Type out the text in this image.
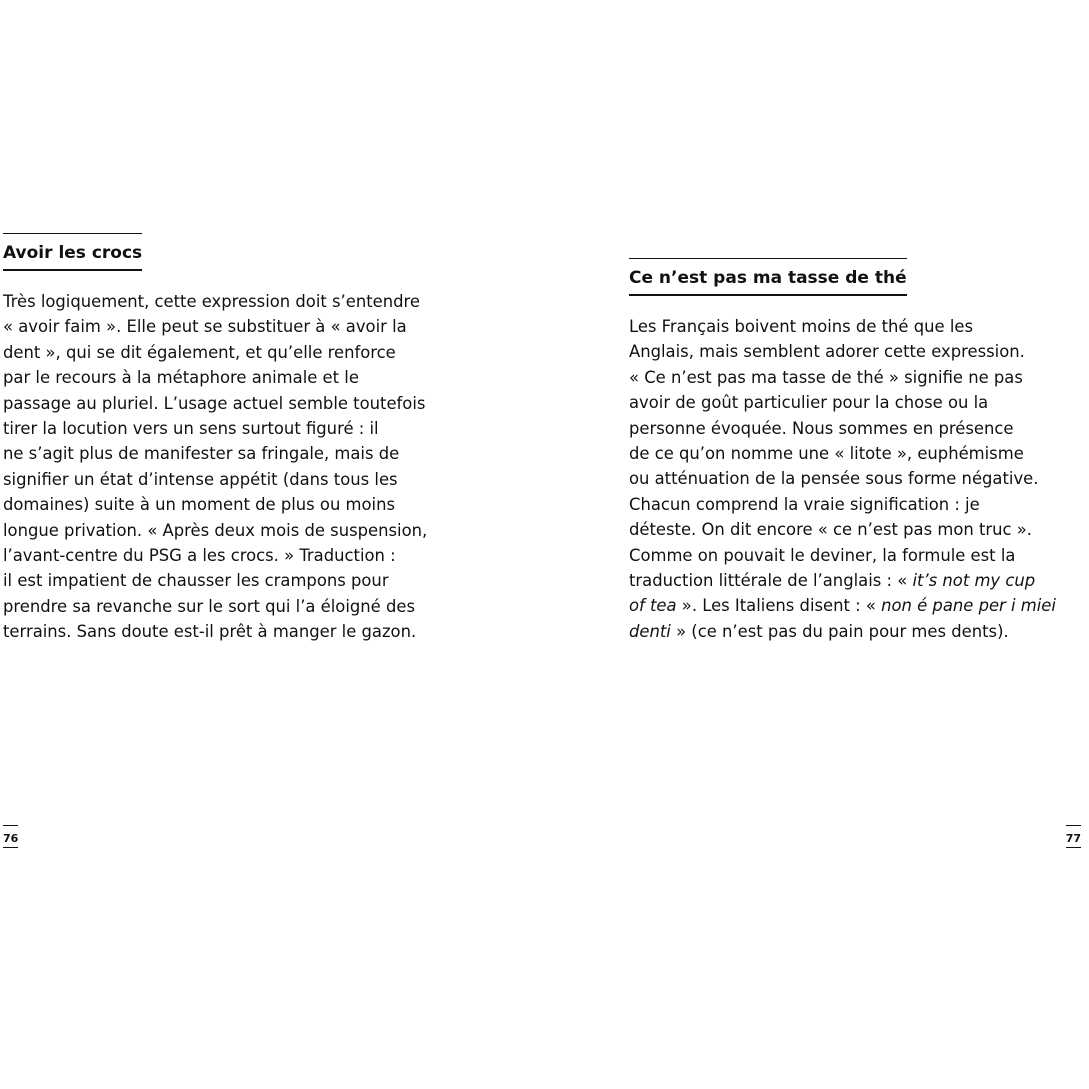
Avoir les crocs
Très logiquement, cette expression doit s’entendre
« avoir faim ». Elle peut se substituer à « avoir la
dent », qui se dit également, et qu’elle renforce
par le recours à la métaphore animale et le
passage au pluriel. L’usage actuel semble toutefois
tirer la locution vers un sens surtout figuré : il
ne s’agit plus de manifester sa fringale, mais de
signifier un état d’intense appétit (dans tous les
domaines) suite à un moment de plus ou moins
longue privation. « Après deux mois de suspension,
l’avant-centre du PSG a les crocs. » Traduction :
il est impatient de chausser les crampons pour
prendre sa revanche sur le sort qui l’a éloigné des
terrains. Sans doute est-il prêt à manger le gazon.
76
Ce n’est pas ma tasse de thé
Les Français boivent moins de thé que les
Anglais, mais semblent adorer cette expression.
« Ce n’est pas ma tasse de thé » signifie ne pas
avoir de goût particulier pour la chose ou la
personne évoquée. Nous sommes en présence
de ce qu’on nomme une « litote », euphémisme
ou atténuation de la pensée sous forme négative.
Chacun comprend la vraie signification : je
déteste. On dit encore « ce n’est pas mon truc ».
Comme on pouvait le deviner, la formule est la
traduction littérale de l’anglais : « it’s not my cup
of tea ». Les Italiens disent : « non é pane per i miei
denti » (ce n’est pas du pain pour mes dents).
77
